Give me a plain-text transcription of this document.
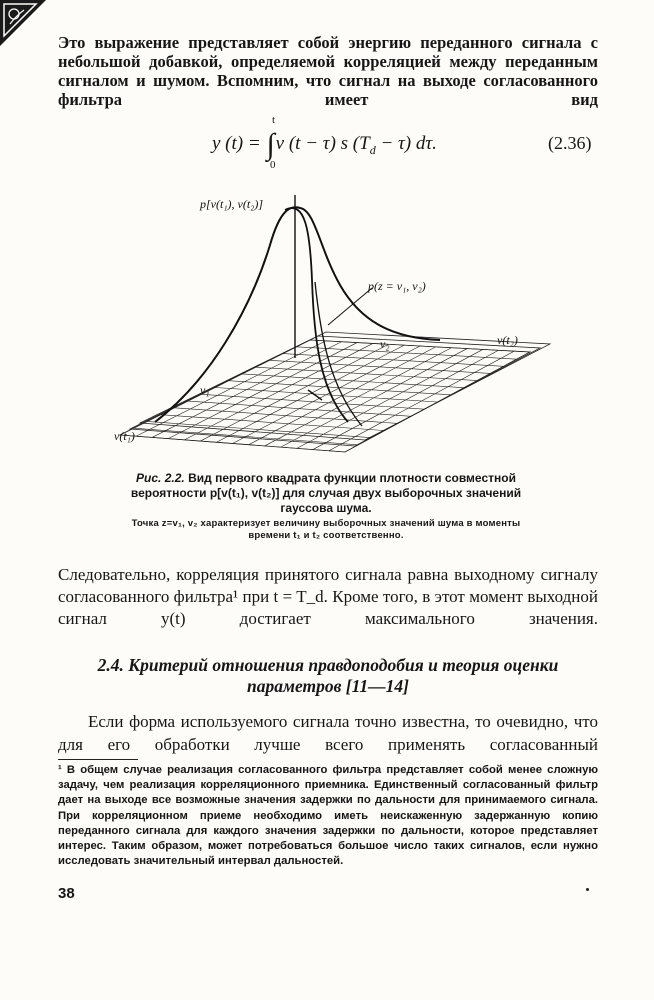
Это выражение представляет собой энергию переданного сигнала с небольшой добавкой, определяемой корреляцией между переданным сигналом и шумом. Вспомним, что сигнал на выходе согласованного фильтра имеет вид
y (t) = ∫v (t − τ) s $(T_d - \tau)$ dτ.
t
0
(2.36)
p[v(t₁), v(t₂)]
p(z = v₁, v₂)
v₂	v(t₂)
v₁
v(t₁)
Рис. 2.2. Вид первого квадрата функции плотности совместной вероятности p[v(t₁), v(t₂)] для случая двух выборочных значений гауссова шума.
Точка z=v₁, v₂ характеризует величину выборочных значений шума в моменты времени t₁ и t₂ соответственно.
Следовательно, корреляция принятого сигнала равна выходному сигналу согласованного фильтра¹ при t = T_d. Кроме того, в этот момент выходной сигнал y(t) достигает максимального значения.
2.4. Критерий отношения правдоподобия и теория оценки параметров [11—14]
Если форма используемого сигнала точно известна, то очевидно, что для его обработки лучше всего применять согласованный
¹ В общем случае реализация согласованного фильтра представляет собой менее сложную задачу, чем реализация корреляционного приемника. Единственный согласованный фильтр дает на выходе все возможные значения задержки по дальности для принимаемого сигнала. При корреляционном приеме необходимо иметь неискаженную задержанную копию переданного сигнала для каждого значения задержки по дальности, которое представляет интерес. Таким образом, может потребоваться большое число таких сигналов, если нужно исследовать значительный интервал дальностей.
38
